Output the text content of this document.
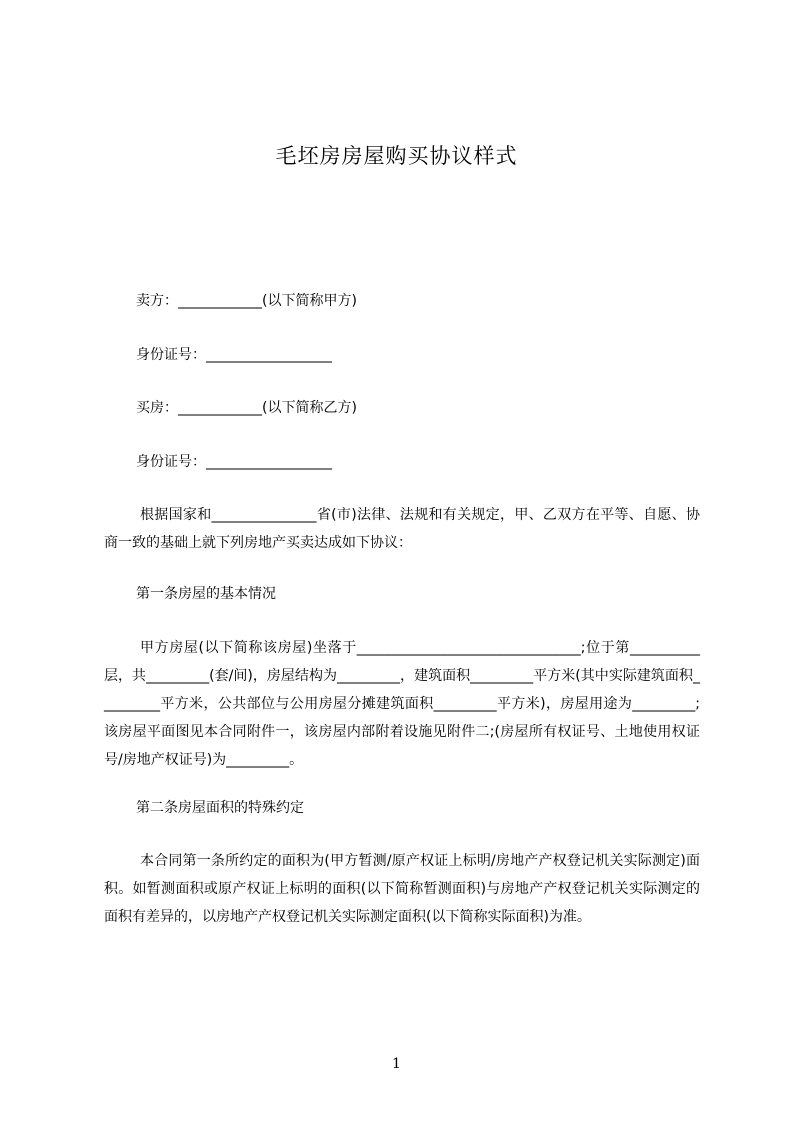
毛坯房房屋购买协议样式
卖方：____________(以下简称甲方)
身份证号：__________________
买房：____________(以下简称乙方)
身份证号：__________________
根据国家和_______________省(市)法律、法规和有关规定，甲、乙双方在平等、自愿、协商一致的基础上就下列房地产买卖达成如下协议：
第一条房屋的基本情况
甲方房屋(以下简称该房屋)坐落于________________________________;位于第__________层，共_________(套/间)，房屋结构为_________，建筑面积_________平方米(其中实际建筑面积_________平方米，公共部位与公用房屋分摊建筑面积_________平方米)，房屋用途为_________;该房屋平面图见本合同附件一，该房屋内部附着设施见附件二;(房屋所有权证号、土地使用权证号/房地产权证号)为_________。
第二条房屋面积的特殊约定
本合同第一条所约定的面积为(甲方暂测/原产权证上标明/房地产产权登记机关实际测定)面积。如暂测面积或原产权证上标明的面积(以下简称暂测面积)与房地产产权登记机关实际测定的面积有差异的，以房地产产权登记机关实际测定面积(以下简称实际面积)为准。
1
